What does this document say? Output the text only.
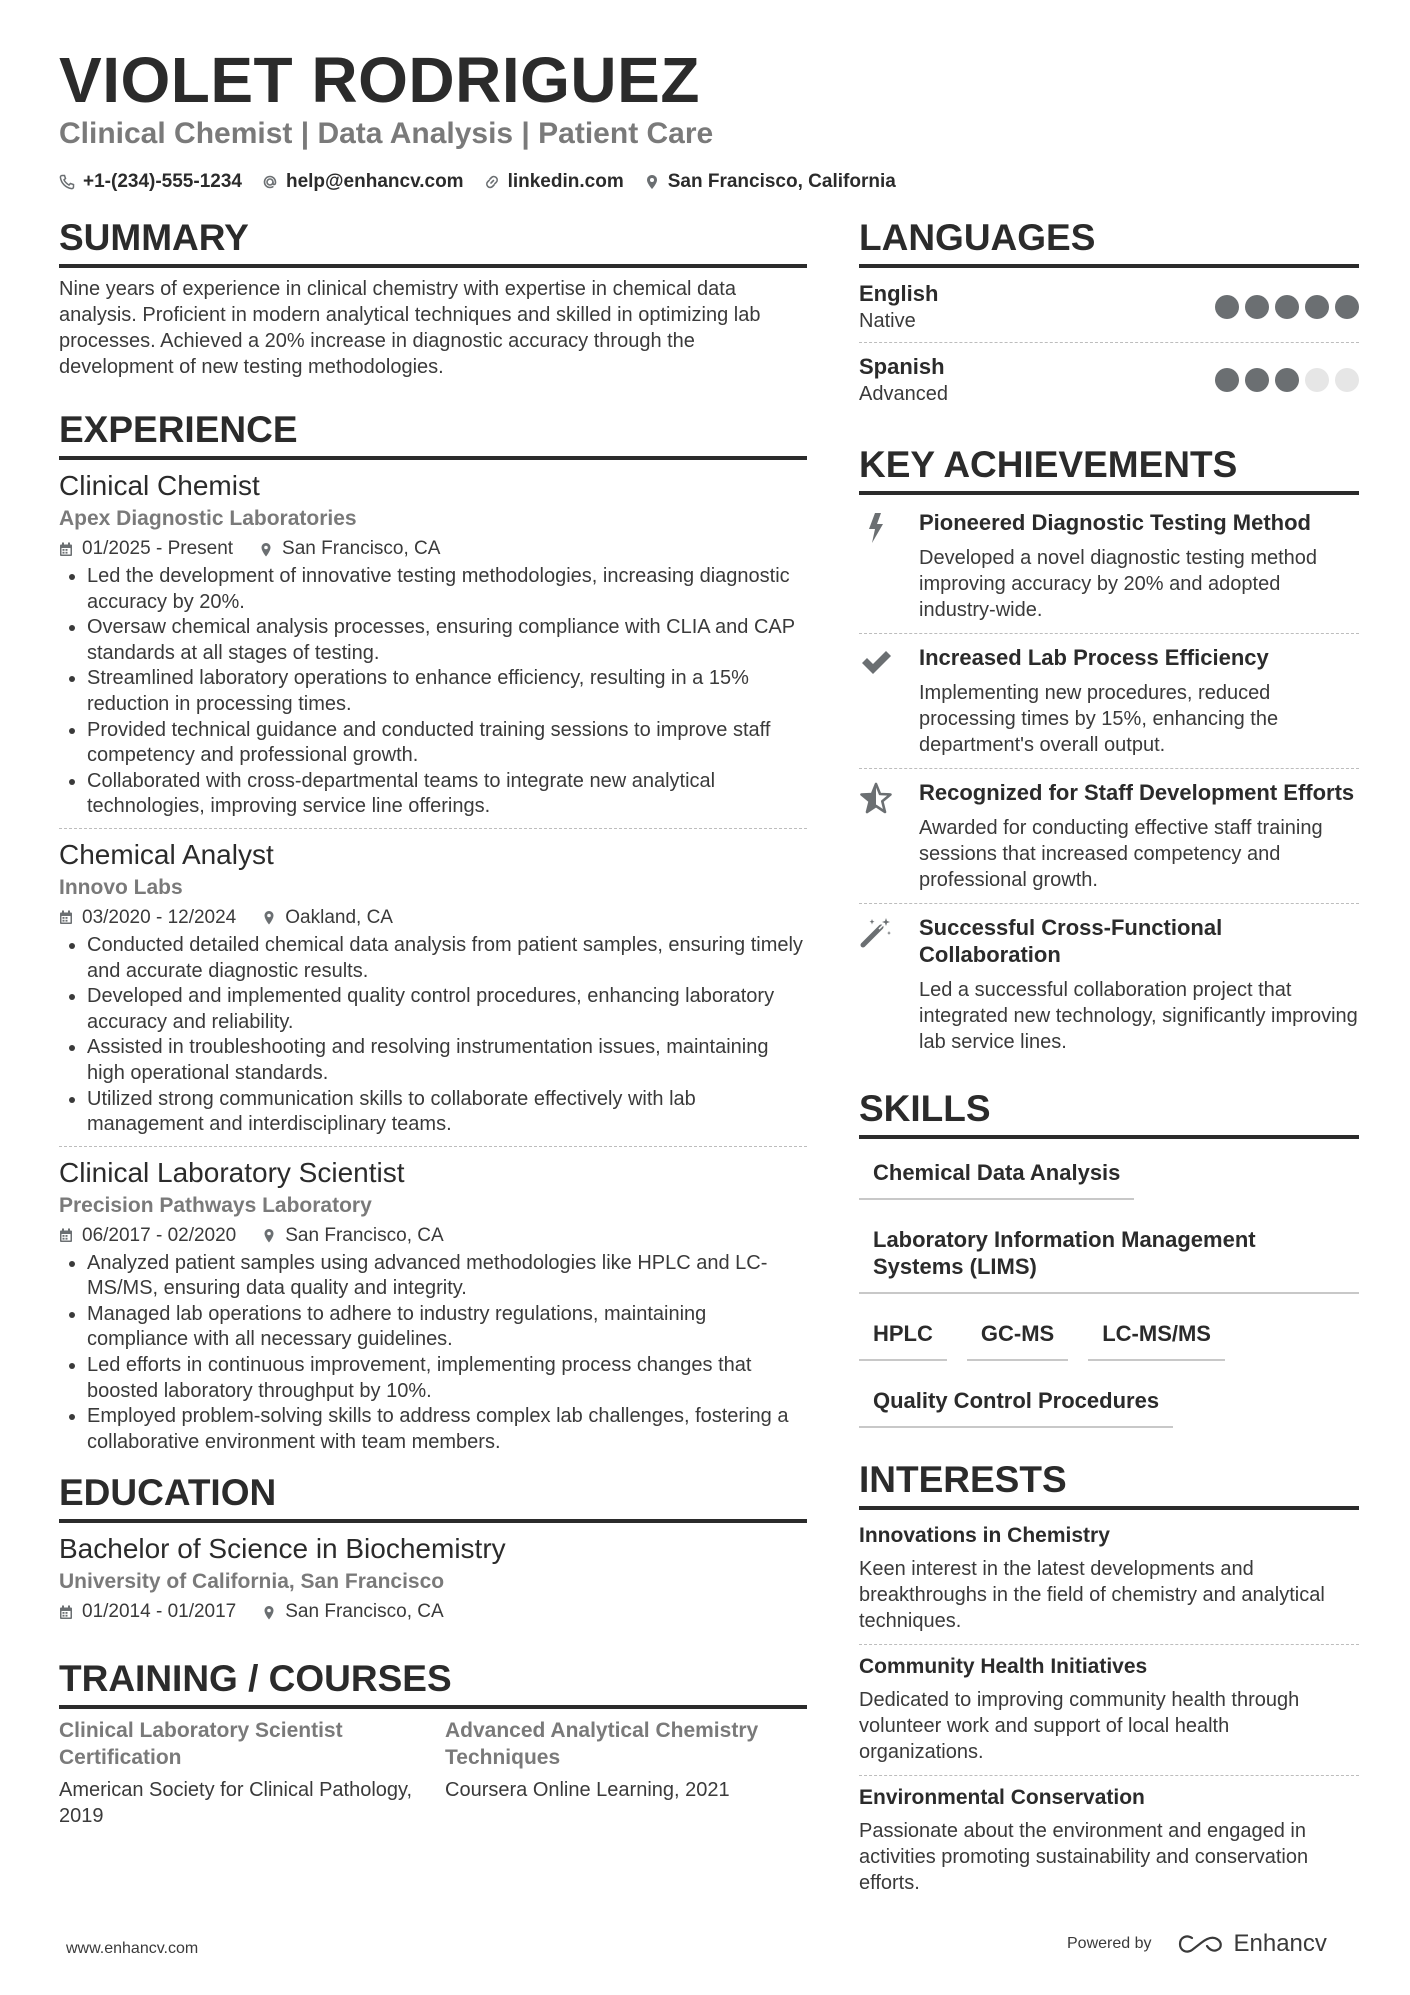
VIOLET RODRIGUEZ
Clinical Chemist | Data Analysis | Patient Care
+1-(234)-555-1234 help@enhancv.com linkedin.com San Francisco, California
SUMMARY

Nine years of experience in clinical chemistry with expertise in chemical data analysis. Proficient in modern analytical techniques and skilled in optimizing lab processes. Achieved a 20% increase in diagnostic accuracy through the development of new testing methodologies.

EXPERIENCE
Clinical Chemist
Apex Diagnostic Laboratories
01/2025 - Present	San Francisco, CA
• Led the development of innovative testing methodologies, increasing diagnostic accuracy by 20%.
• Oversaw chemical analysis processes, ensuring compliance with CLIA and CAP standards at all stages of testing.
• Streamlined laboratory operations to enhance efficiency, resulting in a 15% reduction in processing times.
• Provided technical guidance and conducted training sessions to improve staff competency and professional growth.
• Collaborated with cross-departmental teams to integrate new analytical technologies, improving service line offerings.
Chemical Analyst
Innovo Labs
03/2020 - 12/2024	Oakland, CA
• Conducted detailed chemical data analysis from patient samples, ensuring timely and accurate diagnostic results.
• Developed and implemented quality control procedures, enhancing laboratory accuracy and reliability.
• Assisted in troubleshooting and resolving instrumentation issues, maintaining high operational standards.
• Utilized strong communication skills to collaborate effectively with lab management and interdisciplinary teams.
Clinical Laboratory Scientist
Precision Pathways Laboratory
06/2017 - 02/2020	San Francisco, CA
• Analyzed patient samples using advanced methodologies like HPLC and LC-MS/MS, ensuring data quality and integrity.
• Managed lab operations to adhere to industry regulations, maintaining compliance with all necessary guidelines.
• Led efforts in continuous improvement, implementing process changes that boosted laboratory throughput by 10%.
• Employed problem-solving skills to address complex lab challenges, fostering a collaborative environment with team members.
EDUCATION
Bachelor of Science in Biochemistry
University of California, San Francisco
01/2014 - 01/2017	San Francisco, CA
TRAINING / COURSES
Clinical Laboratory Scientist Certification
American Society for Clinical Pathology, 2019
Advanced Analytical Chemistry Techniques
Coursera Online Learning, 2021
LANGUAGES
English
Native
Spanish
Advanced
KEY ACHIEVEMENTS
Pioneered Diagnostic Testing Method
Developed a novel diagnostic testing method improving accuracy by 20% and adopted industry-wide.
Increased Lab Process Efficiency
Implementing new procedures, reduced processing times by 15%, enhancing the department's overall output.
Recognized for Staff Development Efforts
Awarded for conducting effective staff training sessions that increased competency and professional growth.
Successful Cross-Functional Collaboration
Led a successful collaboration project that integrated new technology, significantly improving lab service lines.
SKILLS
Chemical Data Analysis
Laboratory Information Management Systems (LIMS)
HPLC	GC-MS	LC-MS/MS
Quality Control Procedures
INTERESTS
Innovations in Chemistry
Keen interest in the latest developments and breakthroughs in the field of chemistry and analytical techniques.
Community Health Initiatives
Dedicated to improving community health through volunteer work and support of local health organizations.
Environmental Conservation
Passionate about the environment and engaged in activities promoting sustainability and conservation efforts.
www.enhancv.com	Powered by	Enhancv
